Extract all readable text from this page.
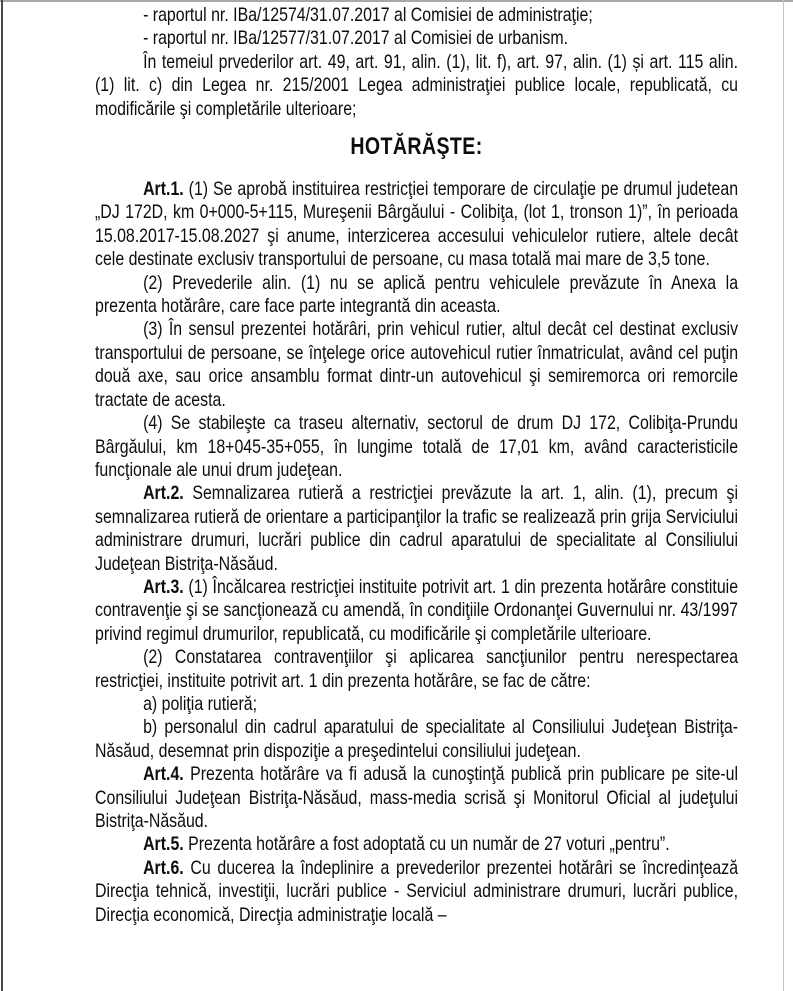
- raportul nr. IBa/12574/31.07.2017 al Comisiei de administraţie;

- raportul nr. IBa/12577/31.07.2017 al Comisiei de urbanism.

În temeiul prvederilor art. 49, art. 91, alin. (1), lit. f), art. 97, alin. (1) și art. 115 alin. (1) lit. c) din Legea nr. 215/2001 Legea administraţiei publice locale, republicată, cu modificările şi completările ulterioare;

HOTĂRĂŞTE:

Art.1. (1) Se aprobă instituirea restricţiei temporare de circulaţie pe drumul judetean „DJ 172D, km 0+000-5+115, Mureşenii Bârgăului - Colibiţa, (lot 1, tronson 1)”, în perioada 15.08.2017-15.08.2027 şi anume, interzicerea accesului vehiculelor rutiere, altele decât cele destinate exclusiv transportului de persoane, cu masa totală mai mare de 3,5 tone.

(2) Prevederile alin. (1) nu se aplică pentru vehiculele prevăzute în Anexa la prezenta hotărâre, care face parte integrantă din aceasta.

(3) În sensul prezentei hotărâri, prin vehicul rutier, altul decât cel destinat exclusiv transportului de persoane, se înţelege orice autovehicul rutier înmatriculat, având cel puţin două axe, sau orice ansamblu format dintr-un autovehicul şi semiremorca ori remorcile tractate de acesta.

(4) Se stabileşte ca traseu alternativ, sectorul de drum DJ 172, Colibiţa-Prundu Bârgăului, km 18+045-35+055, în lungime totală de 17,01 km, având caracteristicile funcţionale ale unui drum judeţean.

Art.2. Semnalizarea rutieră a restricţiei prevăzute la art. 1, alin. (1), precum şi semnalizarea rutieră de orientare a participanţilor la trafic se realizează prin grija Serviciului administrare drumuri, lucrări publice din cadrul aparatului de specialitate al Consiliului Judeţean Bistriţa-Năsăud.

Art.3. (1) Încălcarea restricţiei instituite potrivit art. 1 din prezenta hotărâre constituie contravenţie şi se sancţionează cu amendă, în condiţiile Ordonanţei Guvernului nr. 43/1997 privind regimul drumurilor, republicată, cu modificările şi completările ulterioare.

(2) Constatarea contravenţiilor şi aplicarea sancţiunilor pentru nerespectarea restricţiei, instituite potrivit art. 1 din prezenta hotărâre, se fac de către:

a) poliţia rutieră;

b) personalul din cadrul aparatului de specialitate al Consiliului Judeţean Bistriţa-Năsăud, desemnat prin dispoziţie a preşedintelui consiliului judeţean.

Art.4. Prezenta hotărâre va fi adusă la cunoştinţă publică prin publicare pe site-ul Consiliului Judeţean Bistriţa-Năsăud, mass-media scrisă şi Monitorul Oficial al judeţului Bistriţa-Năsăud.

Art.5. Prezenta hotărâre a fost adoptată cu un număr de 27 voturi „pentru”.

Art.6. Cu ducerea la îndeplinire a prevederilor prezentei hotărâri se încredinţează Direcţia tehnică, investiţii, lucrări publice - Serviciul administrare drumuri, lucrări publice, Direcţia economică, Direcţia administraţie locală –
